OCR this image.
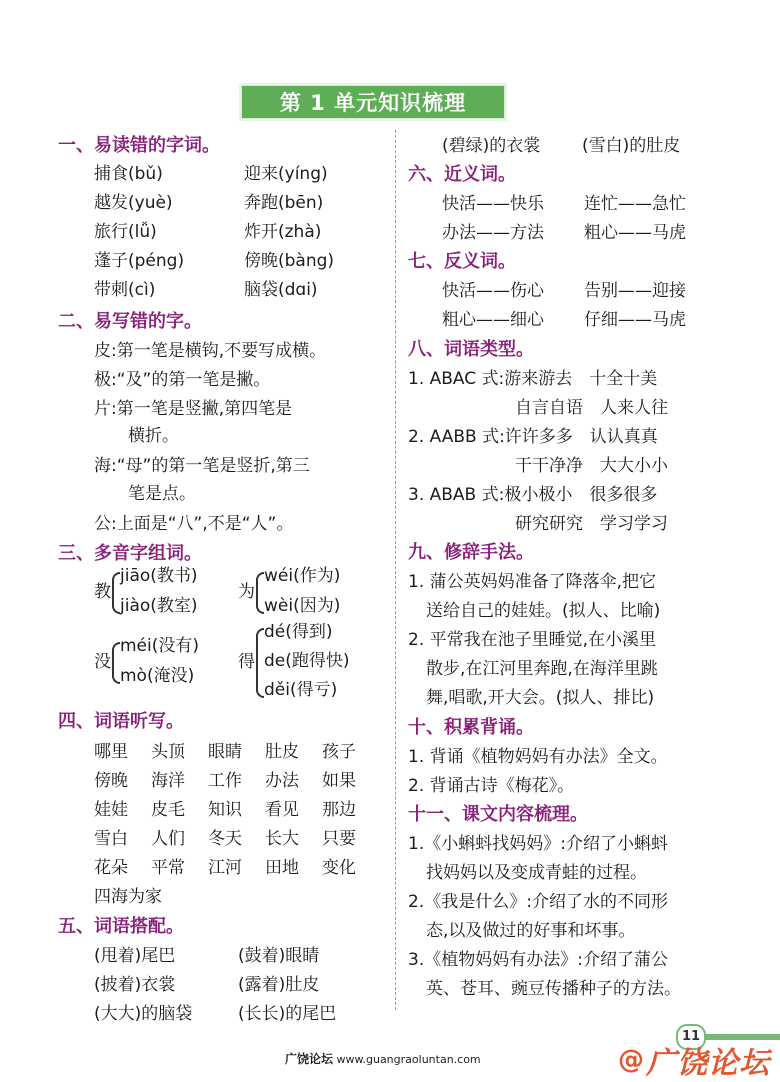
第 1 单元知识梳理
一、易读错的字词。
捕食(bǔ)	迎来(yíng)
越发(yuè)	奔跑(bēn)
旅行(lǚ)	炸开(zhà)
蓬子(péng)	傍晚(bàng)
带刺(cì)	脑袋(dɑi)
二、易写错的字。
皮:第一笔是横钩,不要写成横。
极:“及”的第一笔是撇。
片:第一笔是竖撇,第四笔是
横折。
海:“母”的第一笔是竖折,第三
笔是点。
公:上面是“八”,不是“人”。
三、多音字组词。
教
jiāo(教书)
jiào(教室)
为
wéi(作为)
wèi(因为)
没
méi(没有)
mò(淹没)
得
dé(得到)
de(跑得快)
děi(得亏)
四、词语听写。
哪里 头顶 眼睛 肚皮 孩子
傍晚 海洋 工作 办法 如果
娃娃 皮毛 知识 看见 那边
雪白 人们 冬天 长大 只要
花朵 平常 江河 田地 变化
四海为家
五、词语搭配。
(甩着)尾巴	(鼓着)眼睛
(披着)衣裳	(露着)肚皮
(大大)的脑袋	(长长)的尾巴
(碧绿)的衣裳 (雪白)的肚皮
六、近义词。
快活——快乐 连忙——急忙
办法——方法 粗心——马虎
七、反义词。
快活——伤心 告别——迎接
粗心——细心 仔细——马虎
八、词语类型。
1. ABAC 式:游来游去　十全十美
自言自语　人来人往
2. AABB 式:许许多多　认认真真
干干净净　大大小小
3. ABAB 式:极小极小　很多很多
研究研究　学习学习
九、修辞手法。
1. 蒲公英妈妈准备了降落伞,把它
送给自己的娃娃。(拟人、比喻)
2. 平常我在池子里睡觉,在小溪里
散步,在江河里奔跑,在海洋里跳
舞,唱歌,开大会。(拟人、排比)
十、积累背诵。
1. 背诵《植物妈妈有办法》全文。
2. 背诵古诗《梅花》。
十一、课文内容梳理。
1.《小蝌蚪找妈妈》:介绍了小蝌蚪
找妈妈以及变成青蛙的过程。
2.《我是什么》:介绍了水的不同形
态,以及做过的好事和坏事。
3.《植物妈妈有办法》:介绍了蒲公
英、苍耳、豌豆传播种子的方法。
11
广饶论坛 www.guangraoluntan.com	@ 广饶论坛
